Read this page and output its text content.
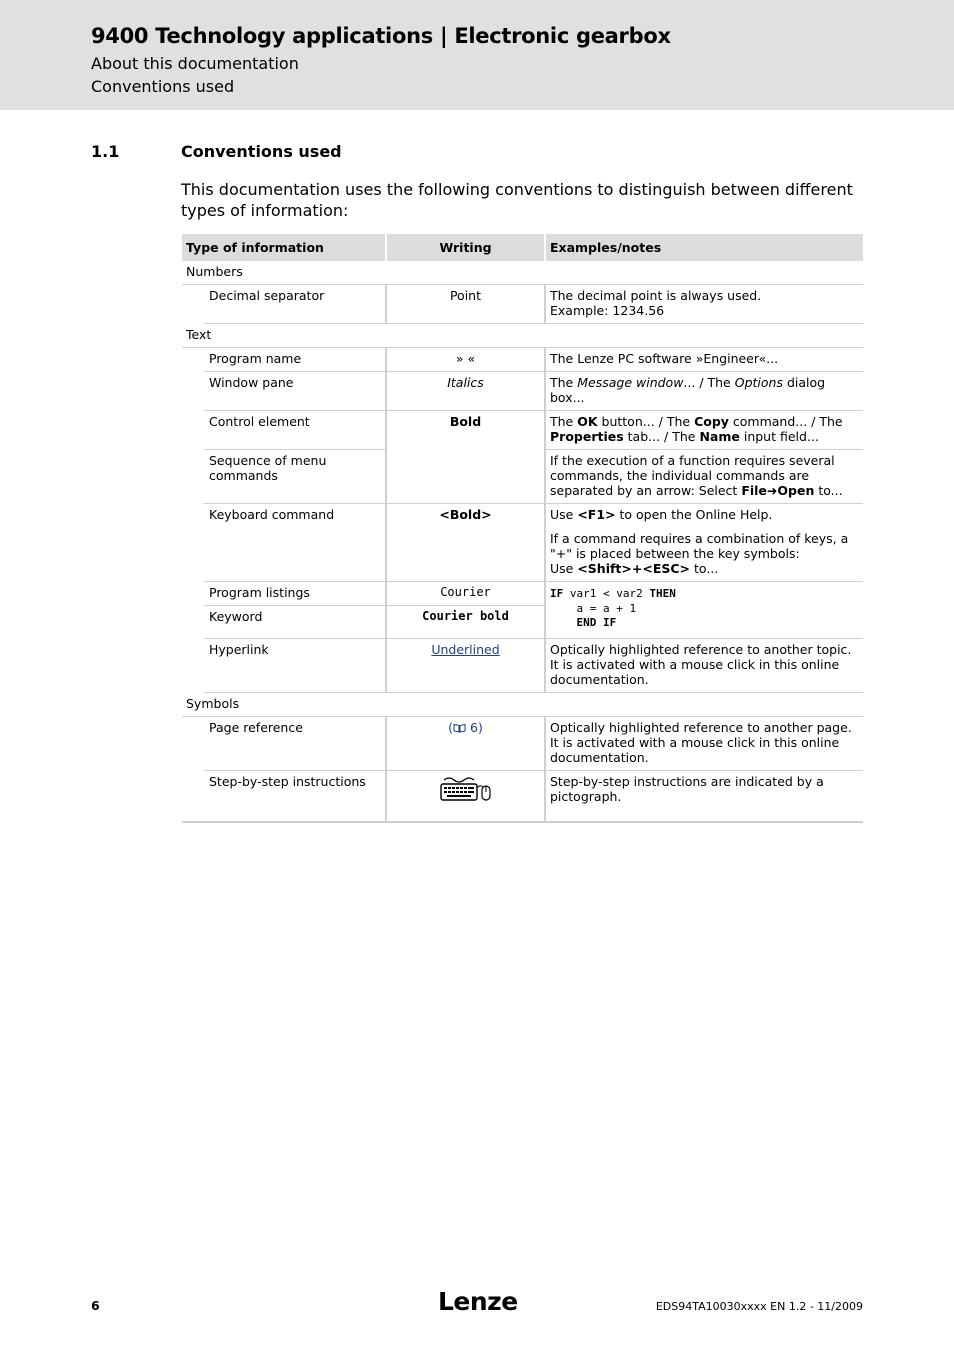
9400 Technology applications | Electronic gearbox
About this documentation
Conventions used
1.1	Conventions used
This documentation uses the following conventions to distinguish between different types of information:
Type of information		Writing	Examples/notes
Numbers			
	Decimal separator	Point	The decimal point is always used.
Example: 1234.56
Text			
	Program name	» «	The Lenze PC software »Engineer«...
	Window pane	Italics	The Message window... / The Options dialog box...
	Control element	Bold	The OK button... / The Copy command... / The Properties tab... / The Name input field...
	Sequence of menu commands		If the execution of a function requires several commands, the individual commands are separated by an arrow: Select File➜Open to...
	Keyboard command	<Bold>	Use <F1> to open the Online Help.
If a command requires a combination of keys, a "+" is placed between the key symbols:
Use <Shift>+<ESC> to...

	Program listings	Courier	IF var1 < var2 THEN
a = a + 1
END IF
	Keyword	Courier bold	
	Hyperlink	Underlined	Optically highlighted reference to another topic. It is activated with a mouse click in this online documentation.
Symbols			
	Page reference	( 6)	Optically highlighted reference to another page. It is activated with a mouse click in this online documentation.
	Step-by-step instructions		Step-by-step instructions are indicated by a pictograph.
6	Lenze	EDS94TA10030xxxx EN 1.2 - 11/2009
